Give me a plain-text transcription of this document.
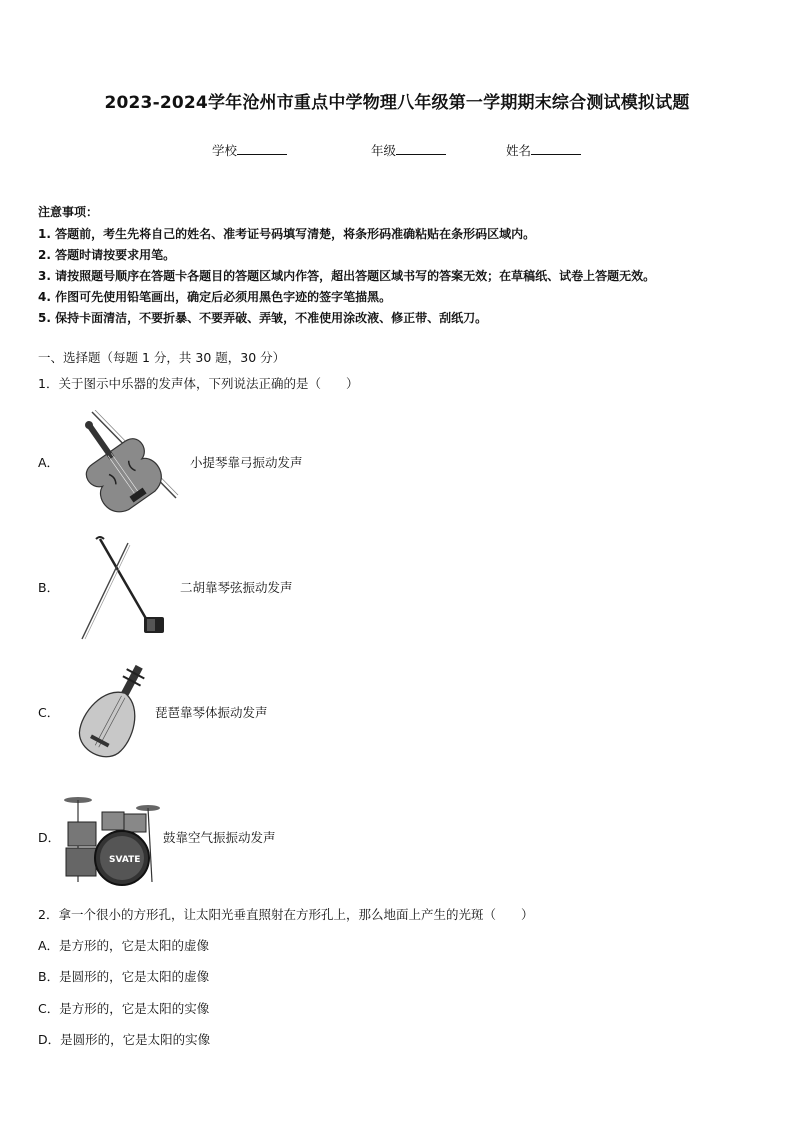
2023-2024学年沧州市重点中学物理八年级第一学期期末综合测试模拟试题
学校	年级	姓名
注意事项：
1. 答题前，考生先将自己的姓名、准考证号码填写清楚，将条形码准确粘贴在条形码区域内。
2. 答题时请按要求用笔。
3. 请按照题号顺序在答题卡各题目的答题区域内作答，超出答题区域书写的答案无效；在草稿纸、试卷上答题无效。
4. 作图可先使用铅笔画出，确定后必须用黑色字迹的签字笔描黑。
5. 保持卡面清洁，不要折暴、不要弄破、弄皱，不准使用涂改液、修正带、刮纸刀。
一、选择题（每题 1 分，共 30 题，30 分）
1．关于图示中乐器的发声体，下列说法正确的是（　　）
A．	小提琴靠弓振动发声
B．	二胡靠琴弦振动发声
C．	琵琶靠琴体振动发声
D．
SVATE
鼓靠空气振振动发声
2．拿一个很小的方形孔，让太阳光垂直照射在方形孔上，那么地面上产生的光斑（　　）
A．是方形的，它是太阳的虚像
B．是圆形的，它是太阳的虚像
C．是方形的，它是太阳的实像
D．是圆形的，它是太阳的实像
